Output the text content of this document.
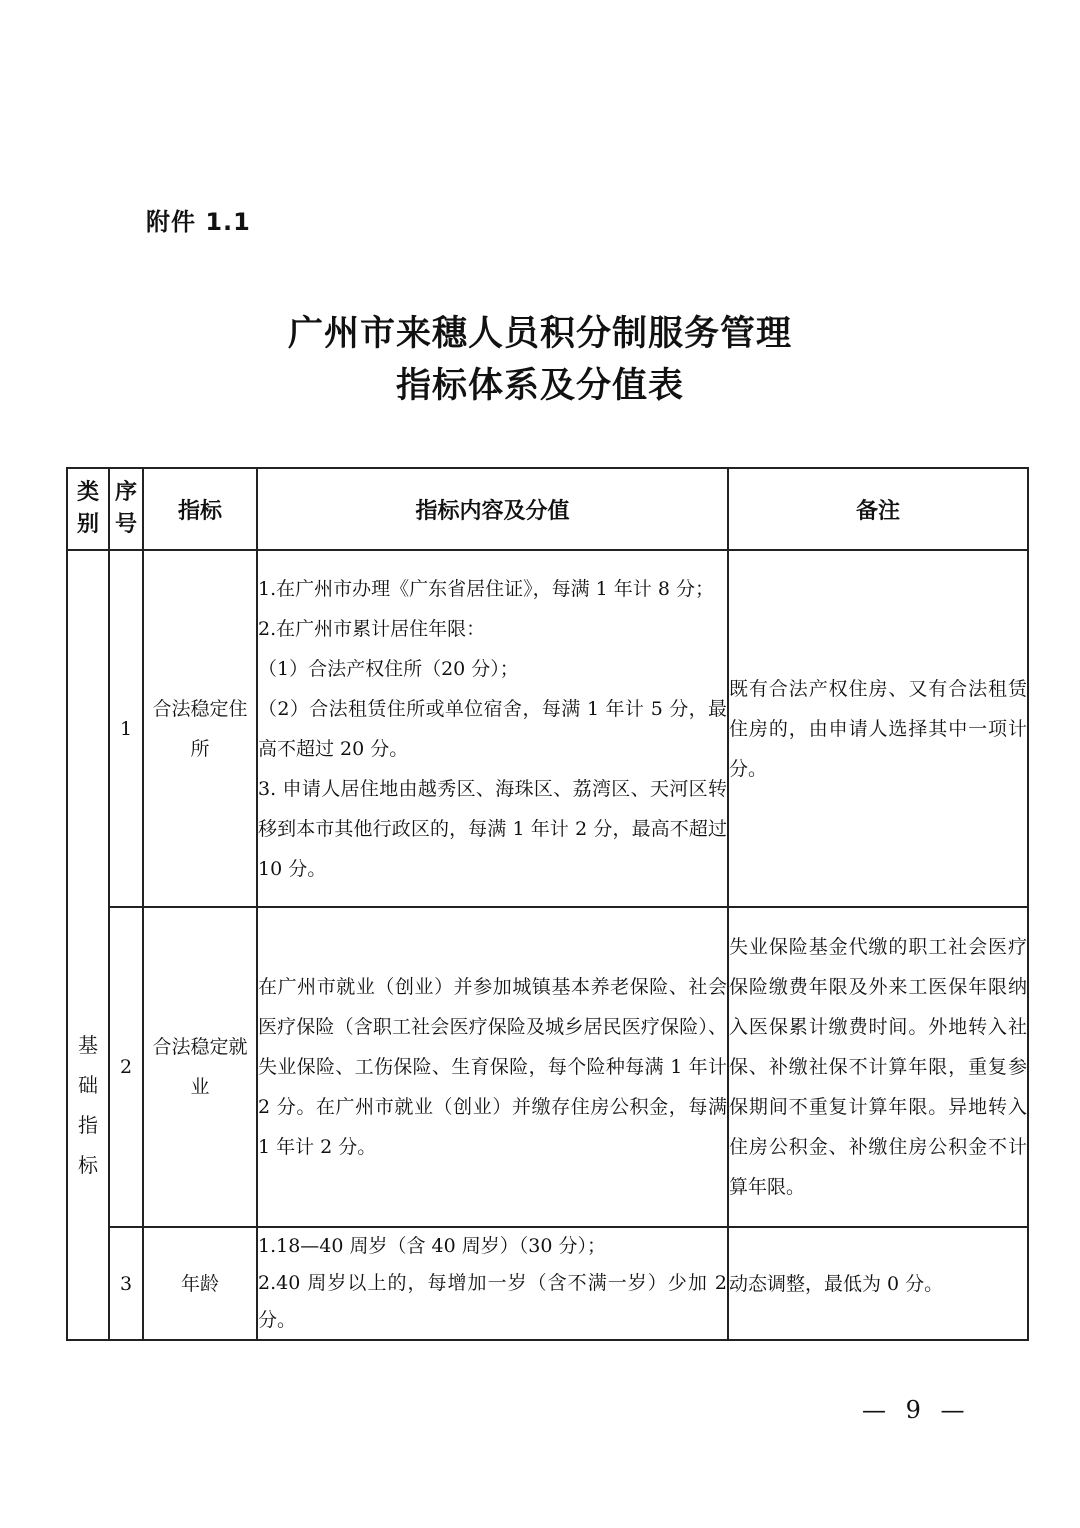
附件 1.1
广州市来穗人员积分制服务管理
指标体系及分值表
类别	序号	指标	指标内容及分值	备注
基础指标	1	合法稳定住所	1.在广州市办理《广东省居住证》，每满 1 年计 8 分；
2.在广州市累计居住年限：
（1）合法产权住所（20 分）；
（2）合法租赁住所或单位宿舍，每满 1 年计 5 分，最高不超过 20 分。
3. 申请人居住地由越秀区、海珠区、荔湾区、天河区转移到本市其他行政区的，每满 1 年计 2 分，最高不超过 10 分。	既有合法产权住房、又有合法租赁住房的，由申请人选择其中一项计分。
	2	合法稳定就业	在广州市就业（创业）并参加城镇基本养老保险、社会医疗保险（含职工社会医疗保险及城乡居民医疗保险）、失业保险、工伤保险、生育保险，每个险种每满 1 年计 2 分。在广州市就业（创业）并缴存住房公积金，每满 1 年计 2 分。	失业保险基金代缴的职工社会医疗保险缴费年限及外来工医保年限纳入医保累计缴费时间。外地转入社保、补缴社保不计算年限，重复参保期间不重复计算年限。异地转入住房公积金、补缴住房公积金不计算年限。
	3	年龄	1.18—40 周岁（含 40 周岁）（30 分）；
2.40 周岁以上的，每增加一岁（含不满一岁）少加 2 分。	动态调整，最低为 0 分。
— 9 —
